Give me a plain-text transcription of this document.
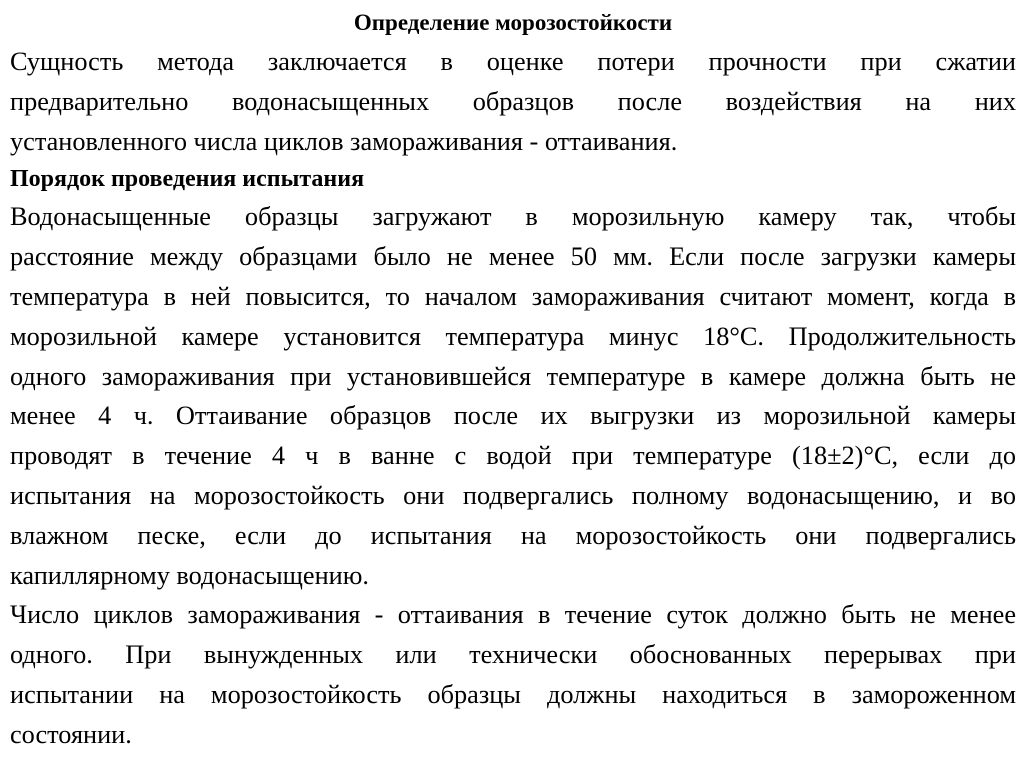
Определение морозостойкости

Сущность метода заключается в оценке потери прочности при сжатии
предварительно водонасыщенных образцов после воздействия на них
установленного числа циклов замораживания - оттаивания.

Порядок проведения испытания

Водонасыщенные образцы загружают в морозильную камеру так, чтобы
расстояние между образцами было не менее 50 мм. Если после загрузки камеры
температура в ней повысится, то началом замораживания считают момент, когда в
морозильной камере установится температура минус 18°С. Продолжительность
одного замораживания при установившейся температуре в камере должна быть не
менее 4 ч. Оттаивание образцов после их выгрузки из морозильной камеры
проводят в течение 4 ч в ванне с водой при температуре (18±2)°С, если до
испытания на морозостойкость они подвергались полному водонасыщению, и во
влажном песке, если до испытания на морозостойкость они подвергались
капиллярному водонасыщению.

Число циклов замораживания - оттаивания в течение суток должно быть не менее
одного. При вынужденных или технически обоснованных перерывах при
испытании на морозостойкость образцы должны находиться в замороженном
состоянии.
